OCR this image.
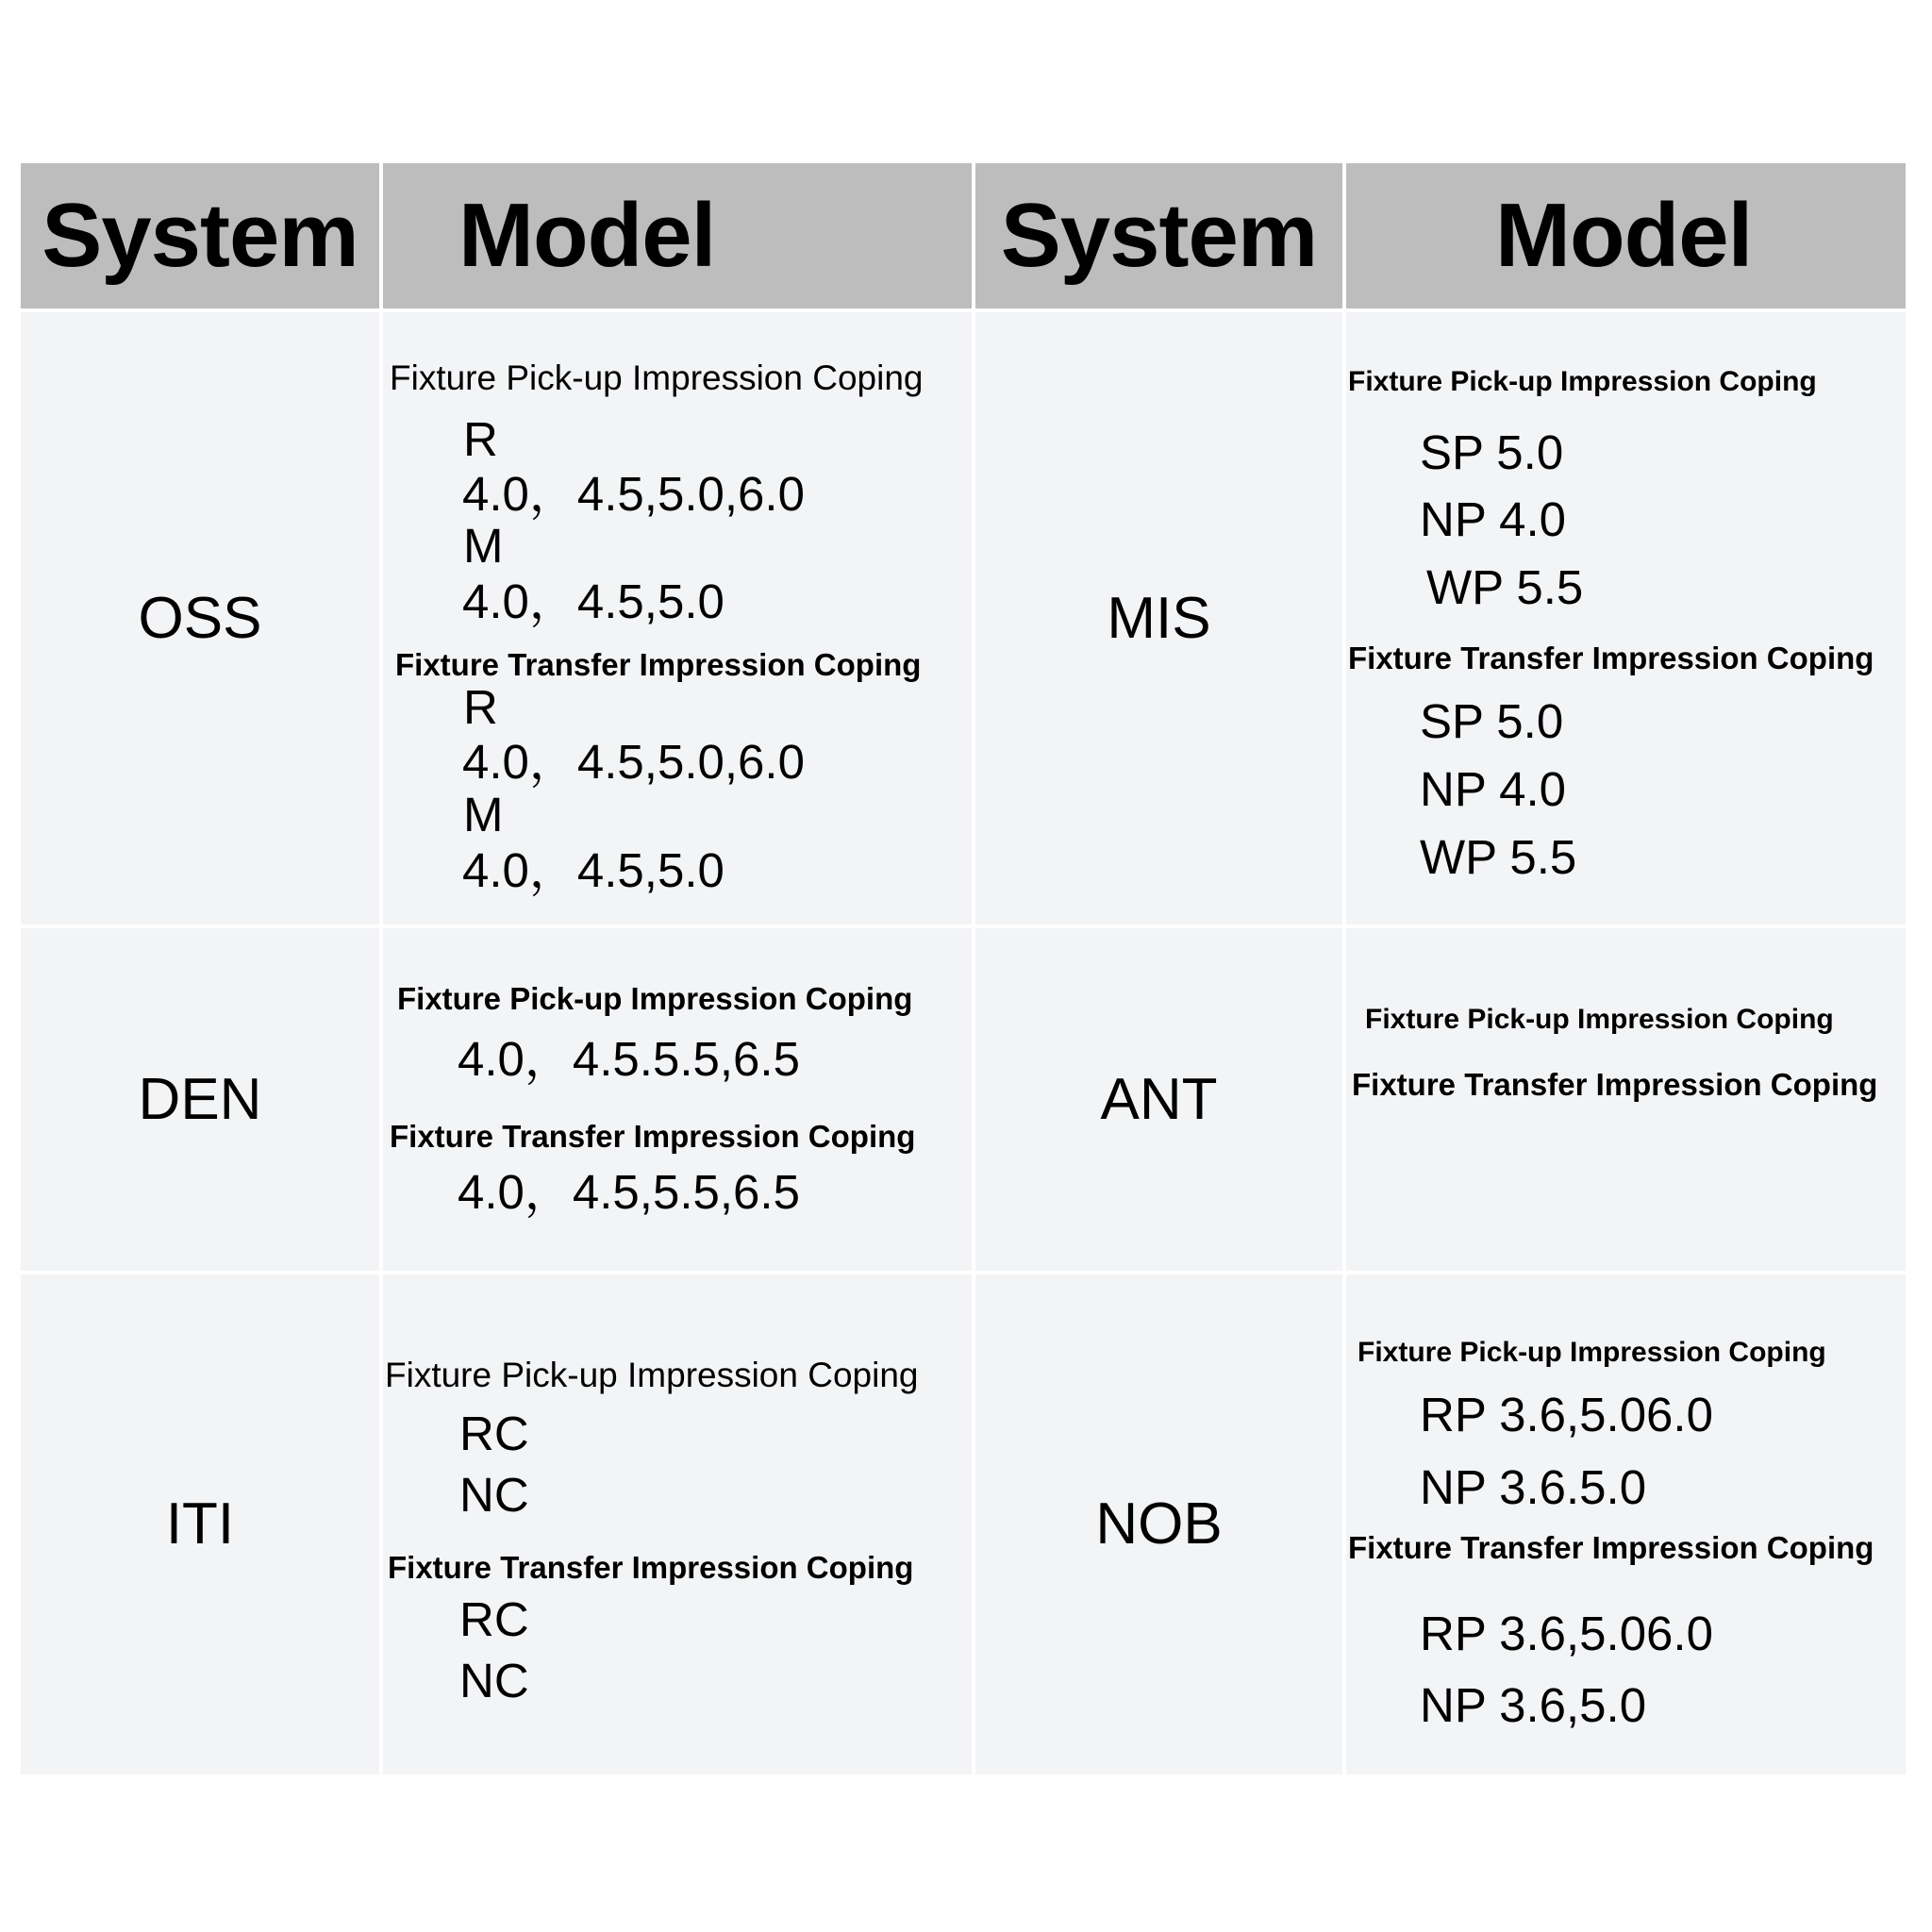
System Model	System Model
OSS
Fixture Pick-up Impression Coping
R
4.0，4.5,5.0,6.0
M
4.0，4.5,5.0
Fixture Transfer Impression Coping
R
4.0，4.5,5.0,6.0
M
4.0，4.5,5.0
MIS
Fixture Pick-up Impression Coping
SP 5.0
NP 4.0
WP 5.5
Fixture Transfer Impression Coping
SP 5.0
NP 4.0
WP 5.5
DEN
Fixture Pick-up Impression Coping
4.0，4.5.5.5,6.5
Fixture Transfer Impression Coping
4.0，4.5,5.5,6.5
ANT
Fixture Pick-up Impression Coping
Fixture Transfer Impression Coping
ITI
Fixture Pick-up Impression Coping
RC
NC
Fixture Transfer Impression Coping
RC
NC
NOB
Fixture Pick-up Impression Coping
RP 3.6,5.06.0
NP 3.6.5.0
Fixture Transfer Impression Coping
RP 3.6,5.06.0
NP 3.6,5.0
